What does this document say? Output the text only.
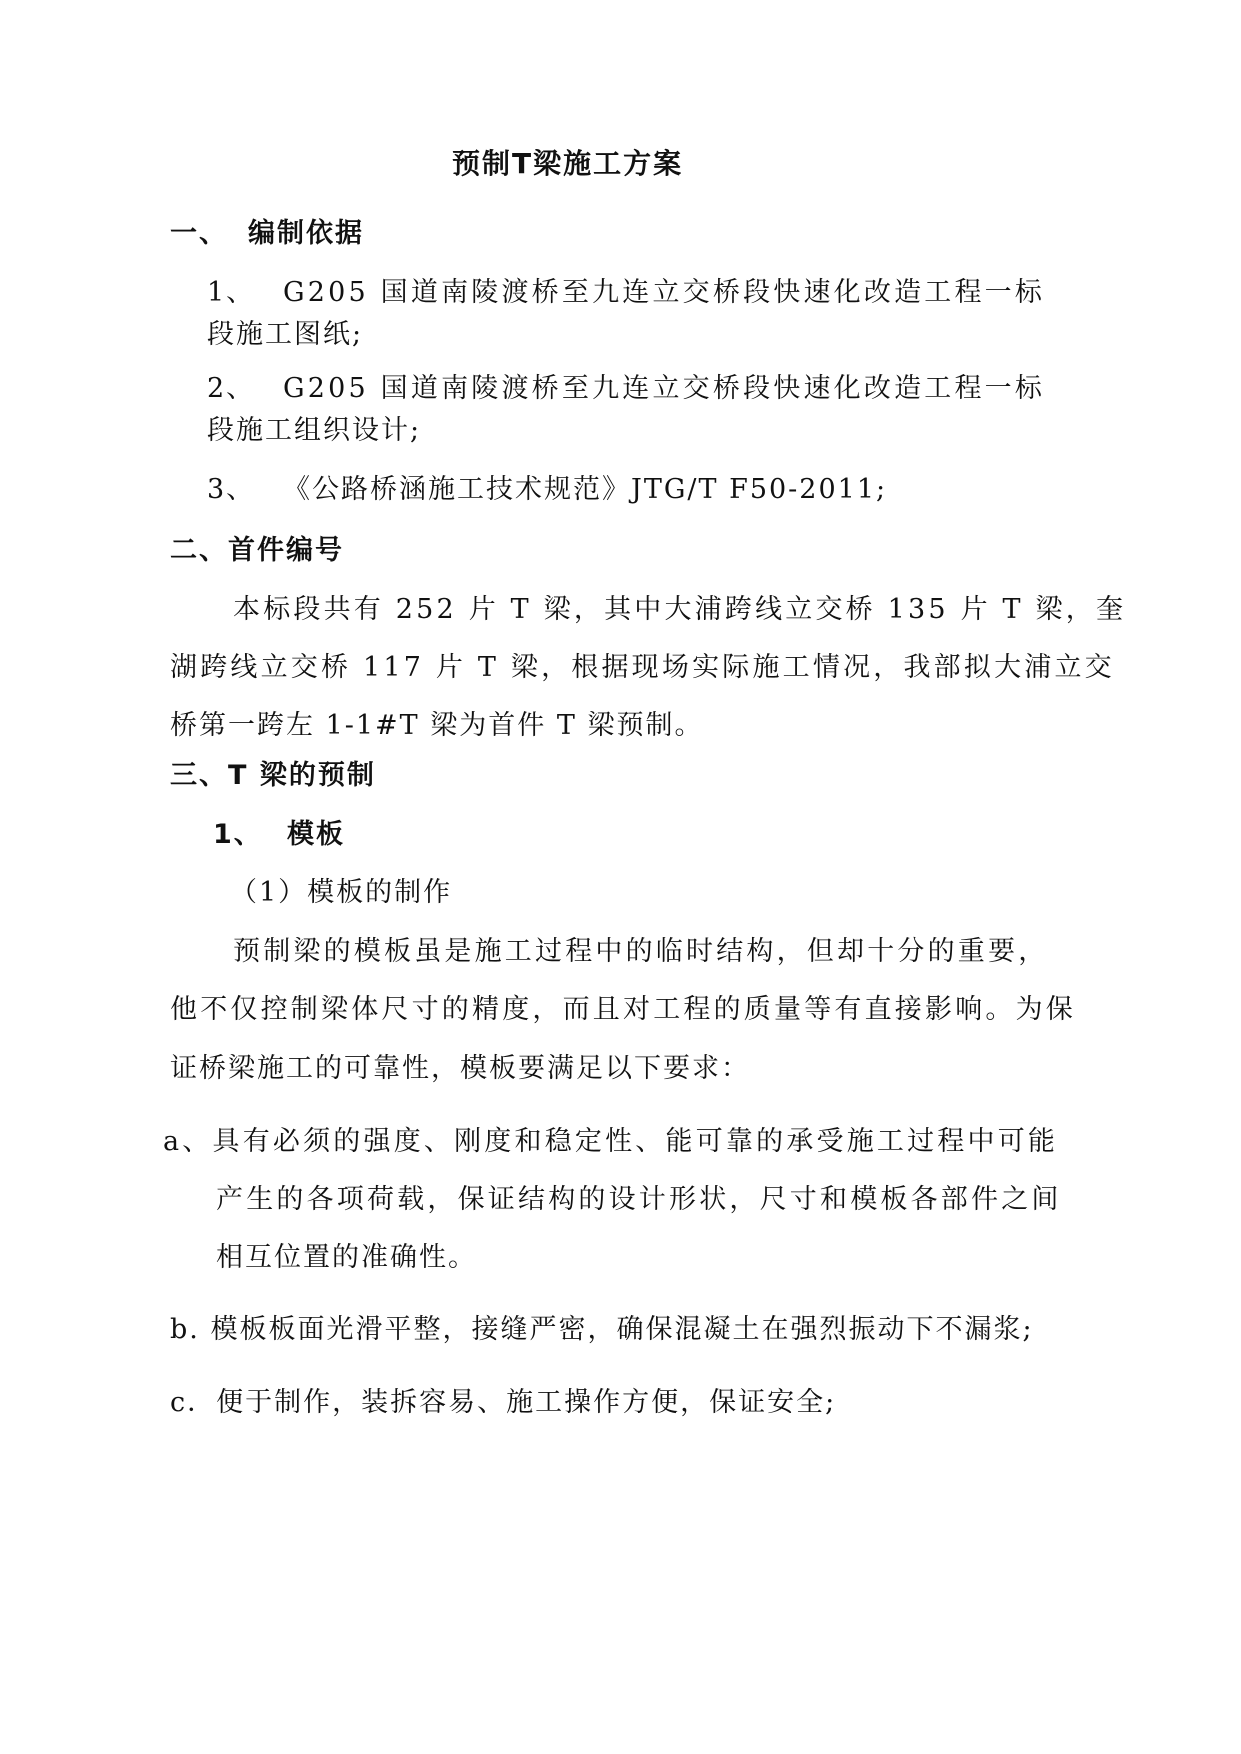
预制T梁施工方案
一、 编制依据
1、 G205 国道南陵渡桥至九连立交桥段快速化改造工程一标
段施工图纸;
2、 G205 国道南陵渡桥至九连立交桥段快速化改造工程一标
段施工组织设计;
3、 《公路桥涵施工技术规范》JTG/T F50-2011;
二、首件编号
本标段共有 252 片 T 梁，其中大浦跨线立交桥 135 片 T 梁，奎
湖跨线立交桥 117 片 T 梁，根据现场实际施工情况，我部拟大浦立交
桥第一跨左 1-1#T 梁为首件 T 梁预制。
三、T 梁的预制
1、 模板
（1）模板的制作
预制梁的模板虽是施工过程中的临时结构，但却十分的重要，
他不仅控制梁体尺寸的精度，而且对工程的质量等有直接影响。为保
证桥梁施工的可靠性，模板要满足以下要求：
a、具有必须的强度、刚度和稳定性、能可靠的承受施工过程中可能
产生的各项荷载，保证结构的设计形状，尺寸和模板各部件之间
相互位置的准确性。
b. 模板板面光滑平整，接缝严密，确保混凝土在强烈振动下不漏浆;
c．便于制作，装拆容易、施工操作方便，保证安全;
